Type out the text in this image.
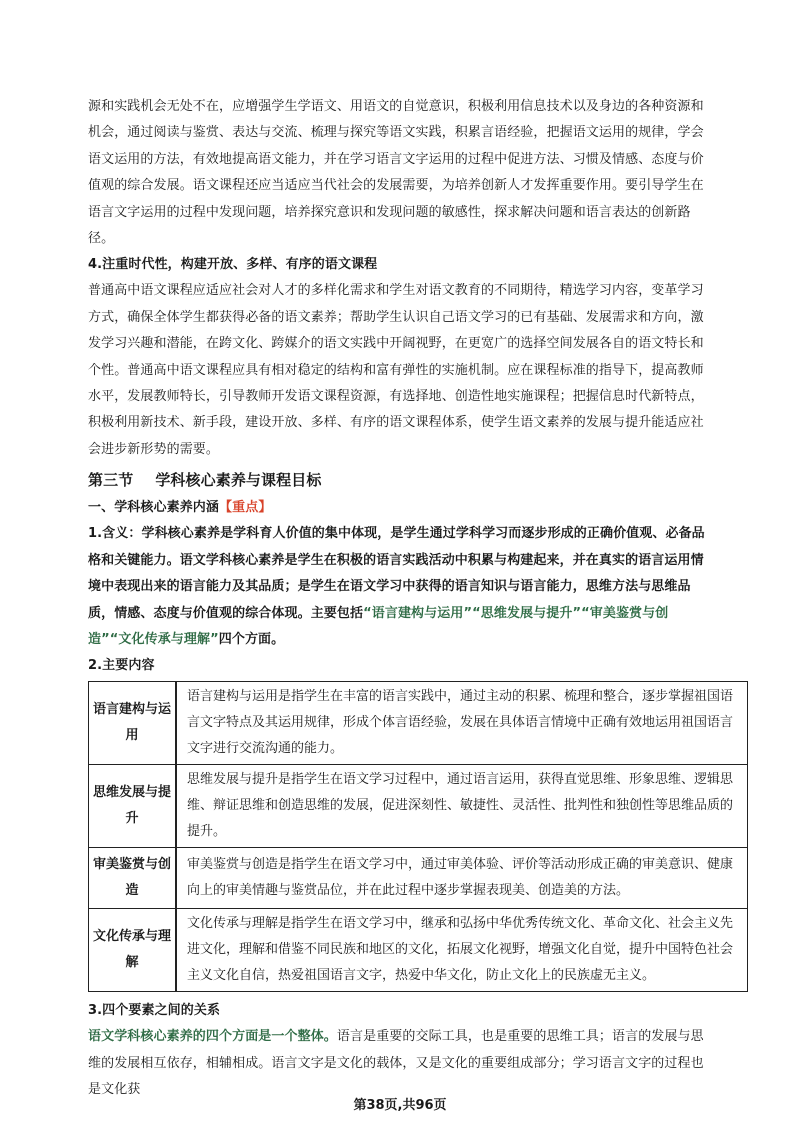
源和实践机会无处不在，应增强学生学语文、用语文的自觉意识，积极利用信息技术以及身边的各种资源和机会，通过阅读与鉴赏、表达与交流、梳理与探究等语文实践，积累言语经验，把握语文运用的规律，学会语文运用的方法，有效地提高语文能力，并在学习语言文字运用的过程中促进方法、习惯及情感、态度与价值观的综合发展。语文课程还应当适应当代社会的发展需要，为培养创新人才发挥重要作用。要引导学生在语言文字运用的过程中发现问题，培养探究意识和发现问题的敏感性，探求解决问题和语言表达的创新路径。

4.注重时代性，构建开放、多样、有序的语文课程

普通高中语文课程应适应社会对人才的多样化需求和学生对语文教育的不同期待，精选学习内容，变革学习方式，确保全体学生都获得必备的语文素养；帮助学生认识自己语文学习的已有基础、发展需求和方向，激发学习兴趣和潜能，在跨文化、跨媒介的语文实践中开阔视野，在更宽广的选择空间发展各自的语文特长和个性。普通高中语文课程应具有相对稳定的结构和富有弹性的实施机制。应在课程标准的指导下，提高教师水平，发展教师特长，引导教师开发语文课程资源，有选择地、创造性地实施课程；把握信息时代新特点，积极利用新技术、新手段，建设开放、多样、有序的语文课程体系，使学生语文素养的发展与提升能适应社会进步新形势的需要。

第三节 学科核心素养与课程目标

一、学科核心素养内涵【重点】

1.含义：学科核心素养是学科育人价值的集中体现，是学生通过学科学习而逐步形成的正确价值观、必备品格和关键能力。语文学科核心素养是学生在积极的语言实践活动中积累与构建起来，并在真实的语言运用情境中表现出来的语言能力及其品质；是学生在语文学习中获得的语言知识与语言能力，思维方法与思维品质，情感、态度与价值观的综合体现。主要包括“语言建构与运用”“思维发展与提升”“审美鉴赏与创造”“文化传承与理解”四个方面。

2.主要内容

语言建构与运用	语言建构与运用是指学生在丰富的语言实践中，通过主动的积累、梳理和整合，逐步掌握祖国语言文字特点及其运用规律，形成个体言语经验，发展在具体语言情境中正确有效地运用祖国语言文字进行交流沟通的能力。
思维发展与提升	思维发展与提升是指学生在语文学习过程中，通过语言运用，获得直觉思维、形象思维、逻辑思维、辩证思维和创造思维的发展，促进深刻性、敏捷性、灵活性、批判性和独创性等思维品质的提升。
审美鉴赏与创造	审美鉴赏与创造是指学生在语文学习中，通过审美体验、评价等活动形成正确的审美意识、健康向上的审美情趣与鉴赏品位，并在此过程中逐步掌握表现美、创造美的方法。
文化传承与理解	文化传承与理解是指学生在语文学习中，继承和弘扬中华优秀传统文化、革命文化、社会主义先进文化，理解和借鉴不同民族和地区的文化，拓展文化视野，增强文化自觉，提升中国特色社会主义文化自信，热爱祖国语言文字，热爱中华文化，防止文化上的民族虚无主义。

3.四个要素之间的关系

语文学科核心素养的四个方面是一个整体。语言是重要的交际工具，也是重要的思维工具；语言的发展与思维的发展相互依存，相辅相成。语言文字是文化的载体，又是文化的重要组成部分；学习语言文字的过程也是文化获

第38页,共96页
